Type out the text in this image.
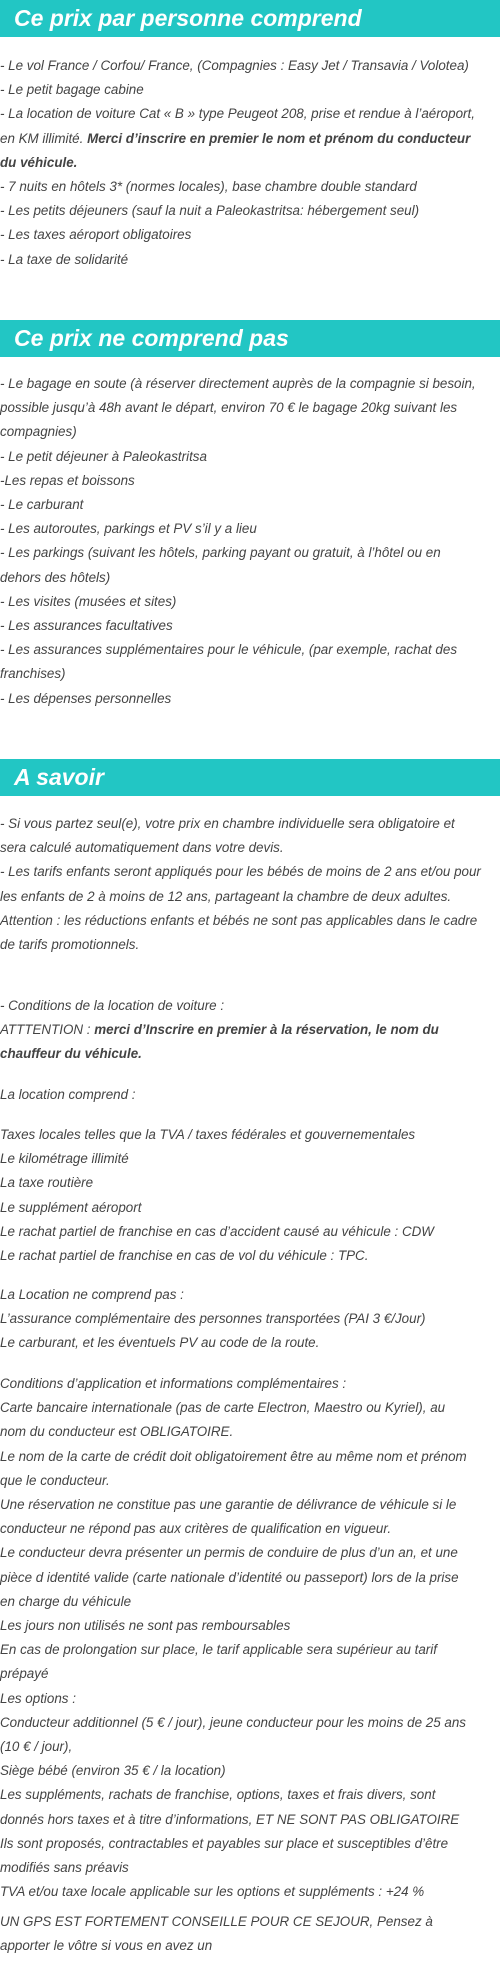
Ce prix par personne comprend
- Le vol France / Corfou/ France, (Compagnies : Easy Jet / Transavia / Volotea)
- Le petit bagage cabine
- La location de voiture Cat « B » type Peugeot 208, prise et rendue à l’aéroport,
en KM illimité. Merci d’inscrire en premier le nom et prénom du conducteur
du véhicule.
- 7 nuits en hôtels 3* (normes locales), base chambre double standard
- Les petits déjeuners (sauf la nuit a Paleokastritsa: hébergement seul)
- Les taxes aéroport obligatoires
- La taxe de solidarité
Ce prix ne comprend pas
- Le bagage en soute (à réserver directement auprès de la compagnie si besoin,
possible jusqu’à 48h avant le départ, environ 70 € le bagage 20kg suivant les
compagnies)
- Le petit déjeuner à Paleokastritsa
-Les repas et boissons
- Le carburant
- Les autoroutes, parkings et PV s’il y a lieu
- Les parkings (suivant les hôtels, parking payant ou gratuit, à l’hôtel ou en
dehors des hôtels)
- Les visites (musées et sites)
- Les assurances facultatives
- Les assurances supplémentaires pour le véhicule, (par exemple, rachat des
franchises)
- Les dépenses personnelles
A savoir
- Si vous partez seul(e), votre prix en chambre individuelle sera obligatoire et
sera calculé automatiquement dans votre devis.
- Les tarifs enfants seront appliqués pour les bébés de moins de 2 ans et/ou pour
les enfants de 2 à moins de 12 ans, partageant la chambre de deux adultes.
Attention : les réductions enfants et bébés ne sont pas applicables dans le cadre
de tarifs promotionnels.
- Conditions de la location de voiture :
ATTTENTION : merci d’Inscrire en premier à la réservation, le nom du
chauffeur du véhicule.
La location comprend :
Taxes locales telles que la TVA / taxes fédérales et gouvernementales
Le kilométrage illimité
La taxe routière
Le supplément aéroport
Le rachat partiel de franchise en cas d’accident causé au véhicule : CDW
Le rachat partiel de franchise en cas de vol du véhicule : TPC.
La Location ne comprend pas :
L’assurance complémentaire des personnes transportées (PAI 3 €/Jour)
Le carburant, et les éventuels PV au code de la route.
Conditions d’application et informations complémentaires :
Carte bancaire internationale (pas de carte Electron, Maestro ou Kyriel), au
nom du conducteur est OBLIGATOIRE.
Le nom de la carte de crédit doit obligatoirement être au même nom et prénom
que le conducteur.
Une réservation ne constitue pas une garantie de délivrance de véhicule si le
conducteur ne répond pas aux critères de qualification en vigueur.
Le conducteur devra présenter un permis de conduire de plus d’un an, et une
pièce d identité valide (carte nationale d’identité ou passeport) lors de la prise
en charge du véhicule
Les jours non utilisés ne sont pas remboursables
En cas de prolongation sur place, le tarif applicable sera supérieur au tarif
prépayé
Les options :
Conducteur additionnel (5 € / jour), jeune conducteur pour les moins de 25 ans
(10 € / jour),
Siège bébé (environ 35 € / la location)
Les suppléments, rachats de franchise, options, taxes et frais divers, sont
donnés hors taxes et à titre d’informations, ET NE SONT PAS OBLIGATOIRE
Ils sont proposés, contractables et payables sur place et susceptibles d’être
modifiés sans préavis
TVA et/ou taxe locale applicable sur les options et suppléments : +24 %
UN GPS EST FORTEMENT CONSEILLE POUR CE SEJOUR, Pensez à
apporter le vôtre si vous en avez un
